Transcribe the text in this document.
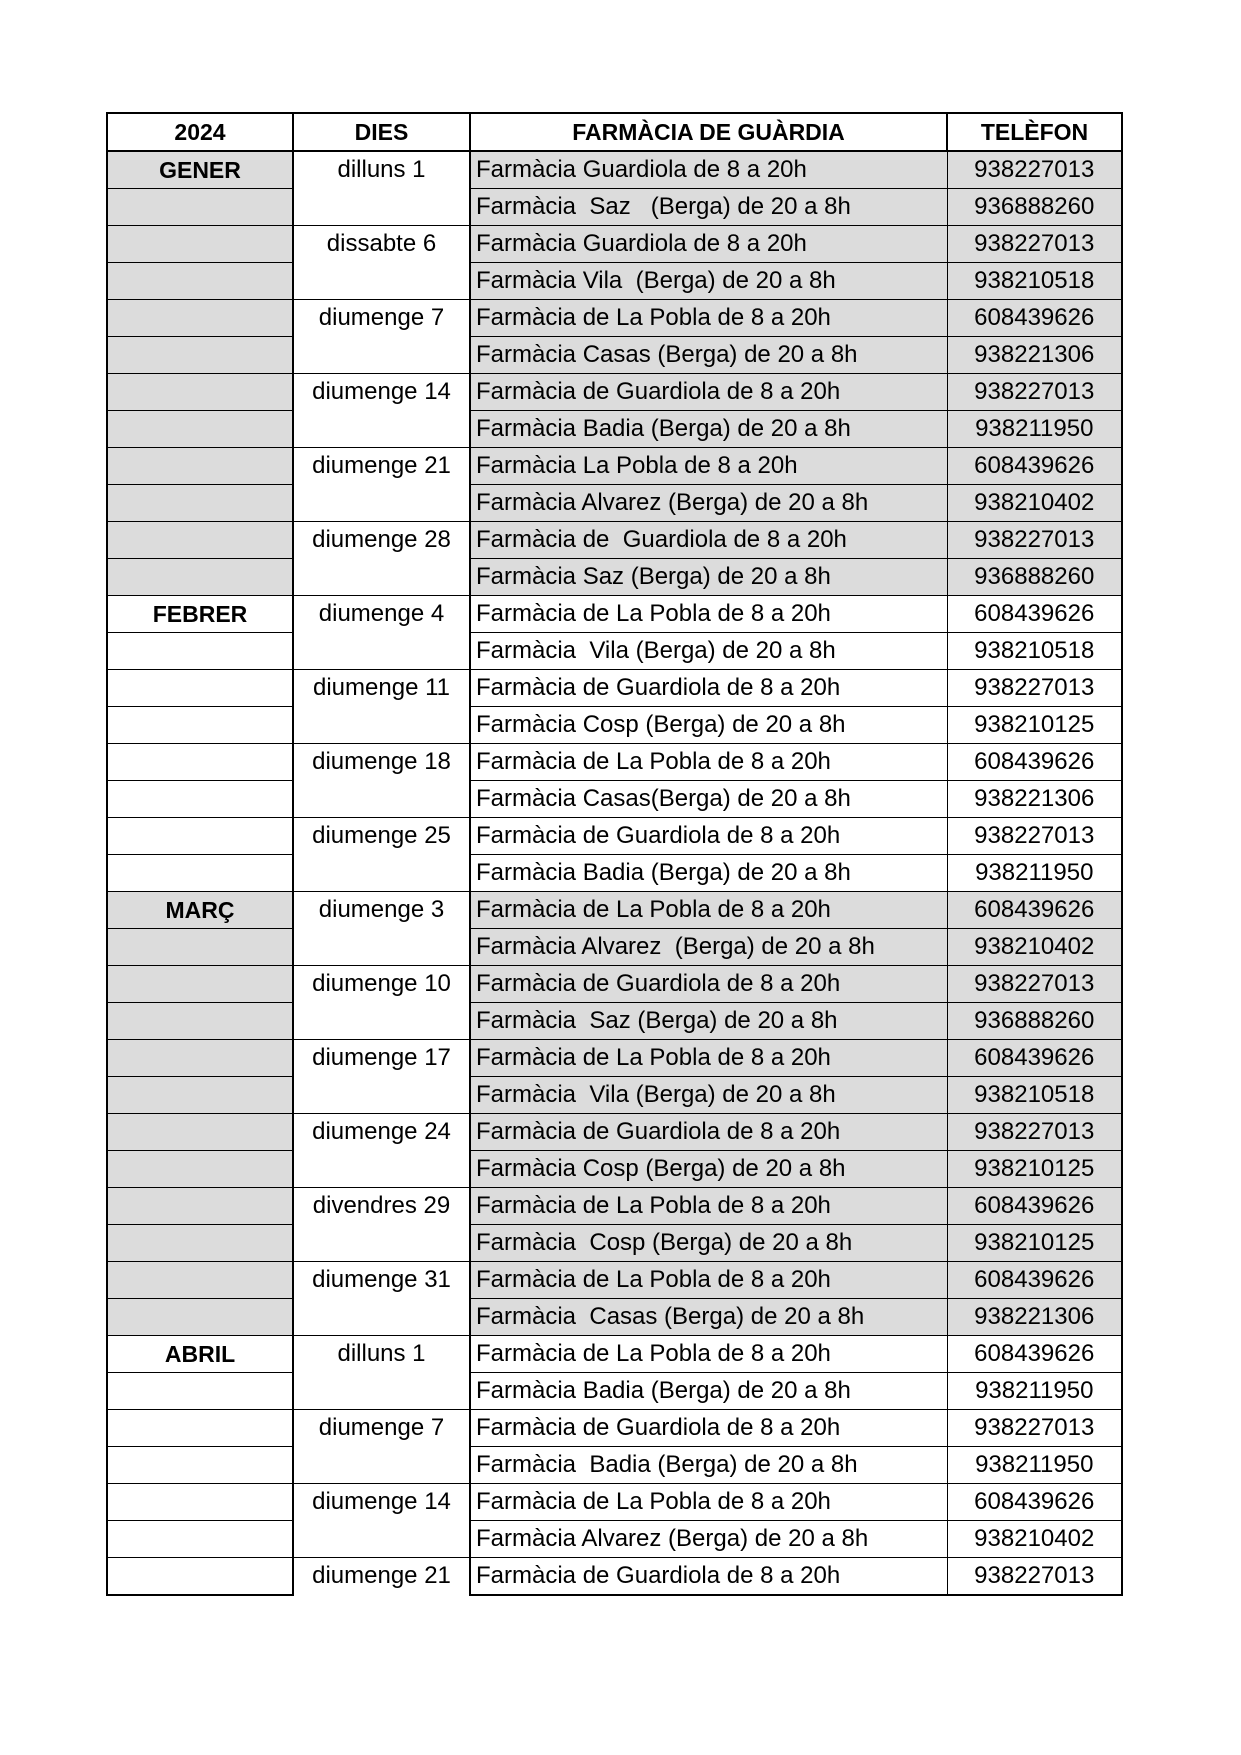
2024	DIES	FARMÀCIA DE GUÀRDIA	TELÈFON
GENER	dilluns 1	Farmàcia Guardiola de 8 a 20h	938227013
		Farmàcia  Saz   (Berga) de 20 a 8h	936888260
	dissabte 6	Farmàcia Guardiola de 8 a 20h	938227013
		Farmàcia Vila  (Berga) de 20 a 8h	938210518
	diumenge 7	Farmàcia de La Pobla de 8 a 20h	608439626
		Farmàcia Casas (Berga) de 20 a 8h	938221306
	diumenge 14	Farmàcia de Guardiola de 8 a 20h	938227013
		Farmàcia Badia (Berga) de 20 a 8h	938211950
	diumenge 21	Farmàcia La Pobla de 8 a 20h	608439626
		Farmàcia Alvarez (Berga) de 20 a 8h	938210402
	diumenge 28	Farmàcia de  Guardiola de 8 a 20h	938227013
		Farmàcia Saz (Berga) de 20 a 8h	936888260
FEBRER	diumenge 4	Farmàcia de La Pobla de 8 a 20h	608439626
		Farmàcia  Vila (Berga) de 20 a 8h	938210518
	diumenge 11	Farmàcia de Guardiola de 8 a 20h	938227013
		Farmàcia Cosp (Berga) de 20 a 8h	938210125
	diumenge 18	Farmàcia de La Pobla de 8 a 20h	608439626
		Farmàcia Casas(Berga) de 20 a 8h	938221306
	diumenge 25	Farmàcia de Guardiola de 8 a 20h	938227013
		Farmàcia Badia (Berga) de 20 a 8h	938211950
MARÇ	diumenge 3	Farmàcia de La Pobla de 8 a 20h	608439626
		Farmàcia Alvarez  (Berga) de 20 a 8h	938210402
	diumenge 10	Farmàcia de Guardiola de 8 a 20h	938227013
		Farmàcia  Saz (Berga) de 20 a 8h	936888260
	diumenge 17	Farmàcia de La Pobla de 8 a 20h	608439626
		Farmàcia  Vila (Berga) de 20 a 8h	938210518
	diumenge 24	Farmàcia de Guardiola de 8 a 20h	938227013
		Farmàcia Cosp (Berga) de 20 a 8h	938210125
	divendres 29	Farmàcia de La Pobla de 8 a 20h	608439626
		Farmàcia  Cosp (Berga) de 20 a 8h	938210125
	diumenge 31	Farmàcia de La Pobla de 8 a 20h	608439626
		Farmàcia  Casas (Berga) de 20 a 8h	938221306
ABRIL	dilluns 1	Farmàcia de La Pobla de 8 a 20h	608439626
		Farmàcia Badia (Berga) de 20 a 8h	938211950
	diumenge 7	Farmàcia de Guardiola de 8 a 20h	938227013
		Farmàcia  Badia (Berga) de 20 a 8h	938211950
	diumenge 14	Farmàcia de La Pobla de 8 a 20h	608439626
		Farmàcia Alvarez (Berga) de 20 a 8h	938210402
	diumenge 21	Farmàcia de Guardiola de 8 a 20h	938227013
